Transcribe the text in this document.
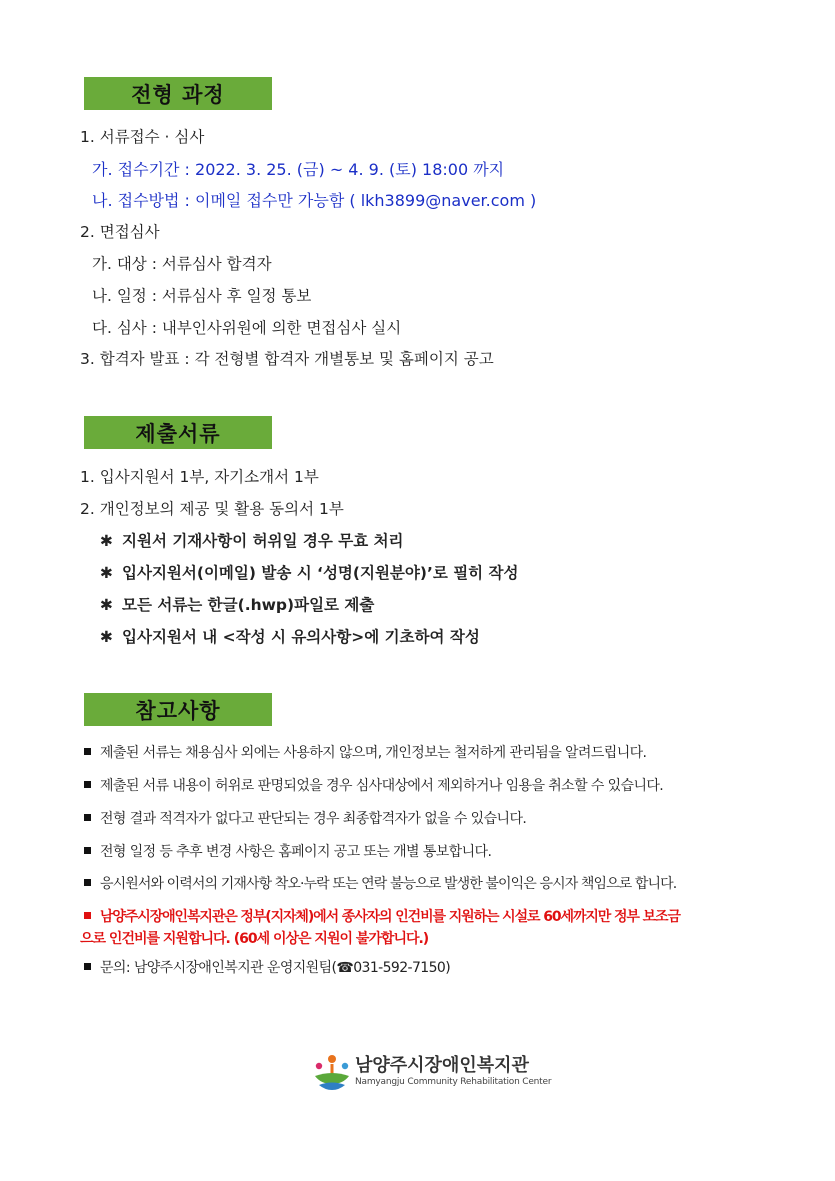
전형 과정
1. 서류접수 · 심사
가. 접수기간 : 2022. 3. 25. (금) ~ 4. 9. (토) 18:00 까지
나. 접수방법 : 이메일 접수만 가능함 ( lkh3899@naver.com )
2. 면접심사
가. 대상 : 서류심사 합격자
나. 일정 : 서류심사 후 일정 통보
다. 심사 : 내부인사위원에 의한 면접심사 실시
3. 합격자 발표 : 각 전형별 합격자 개별통보 및 홈페이지 공고
제출서류
1. 입사지원서 1부, 자기소개서 1부
2. 개인정보의 제공 및 활용 동의서 1부
✱ 지원서 기재사항이 허위일 경우 무효 처리
✱ 입사지원서(이메일) 발송 시 ‘성명(지원분야)’로 필히 작성
✱ 모든 서류는 한글(.hwp)파일로 제출
✱ 입사지원서 내 <작성 시 유의사항>에 기초하여 작성
참고사항
제출된 서류는 채용심사 외에는 사용하지 않으며, 개인정보는 철저하게 관리됨을 알려드립니다.
제출된 서류 내용이 허위로 판명되었을 경우 심사대상에서 제외하거나 임용을 취소할 수 있습니다.
전형 결과 적격자가 없다고 판단되는 경우 최종합격자가 없을 수 있습니다.
전형 일정 등 추후 변경 사항은 홈페이지 공고 또는 개별 통보합니다.
응시원서와 이력서의 기재사항 착오·누락 또는 연락 불능으로 발생한 불이익은 응시자 책임으로 합니다.
남양주시장애인복지관은 정부(지자체)에서 종사자의 인건비를 지원하는 시설로 60세까지만 정부 보조금
으로 인건비를 지원합니다. (60세 이상은 지원이 불가합니다.)
문의: 남양주시장애인복지관 운영지원팀(☎031-592-7150)
남양주시장애인복지관
Namyangju Community Rehabilitation Center
